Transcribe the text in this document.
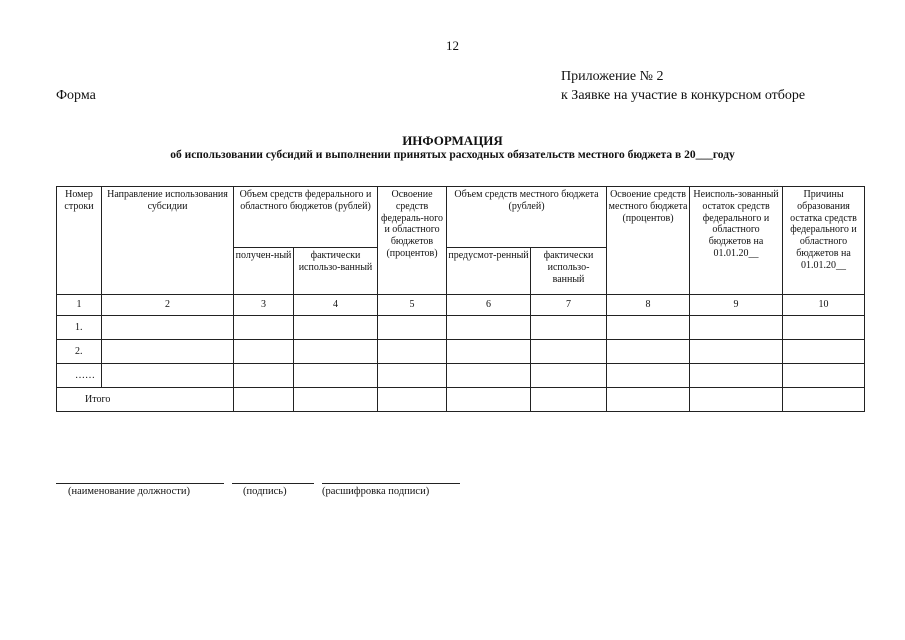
12
Приложение № 2
к Заявке на участие в конкурсном отборе
Форма
ИНФОРМАЦИЯ
об использовании субсидий и выполнении принятых расходных обязательств местного бюджета в 20___году
Номер строки	Направление использования субсидии	Объем средств федерального и областного бюджетов (рублей)		Освоение средств федераль-ного и областного бюджетов (процентов)	Объем средств местного бюджета (рублей)		Освоение средств местного бюджета (процентов)	Неисполь-зованный остаток средств федерального и областного бюджетов на 01.01.20__	Причины образования остатка средств федерального и областного бюджетов на 01.01.20__
		получен-ный	фактически использо-ванный		предусмот-ренный	фактически использо-ванный			
1	2	3	4	5	6	7	8	9	10
1.									
2.									
……									
Итого									
(наименование должности)	(подпись)	(расшифровка подписи)
